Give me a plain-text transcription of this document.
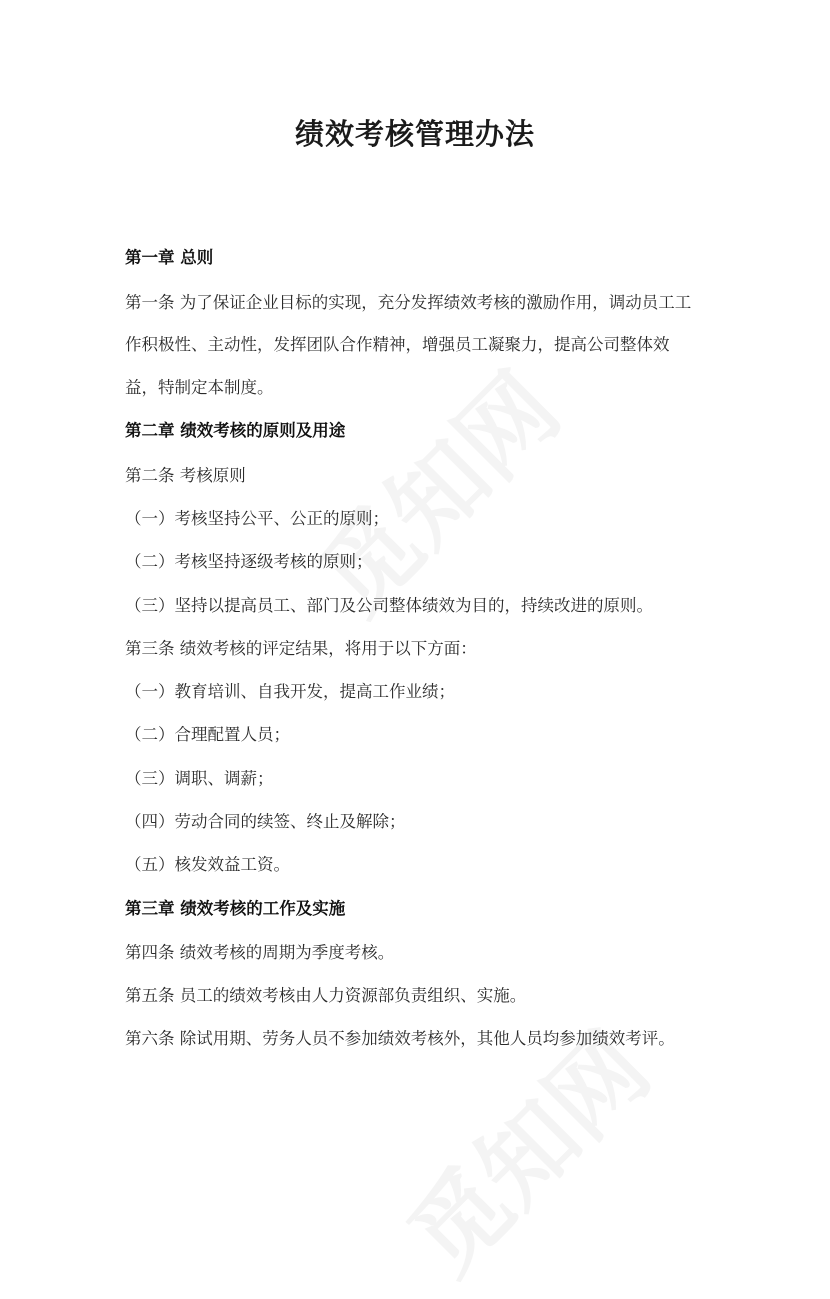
绩效考核管理办法
第一章 总则
第一条 为了保证企业目标的实现，充分发挥绩效考核的激励作用，调动员工工
作积极性、主动性，发挥团队合作精神，增强员工凝聚力，提高公司整体效
益，特制定本制度。
第二章 绩效考核的原则及用途
第二条 考核原则
（一）考核坚持公平、公正的原则；
（二）考核坚持逐级考核的原则；
（三）坚持以提高员工、部门及公司整体绩效为目的，持续改进的原则。
第三条 绩效考核的评定结果，将用于以下方面：
（一）教育培训、自我开发，提高工作业绩；
（二）合理配置人员；
（三）调职、调薪；
（四）劳动合同的续签、终止及解除；
（五）核发效益工资。
第三章 绩效考核的工作及实施
第四条 绩效考核的周期为季度考核。
第五条 员工的绩效考核由人力资源部负责组织、实施。
第六条 除试用期、劳务人员不参加绩效考核外，其他人员均参加绩效考评。
